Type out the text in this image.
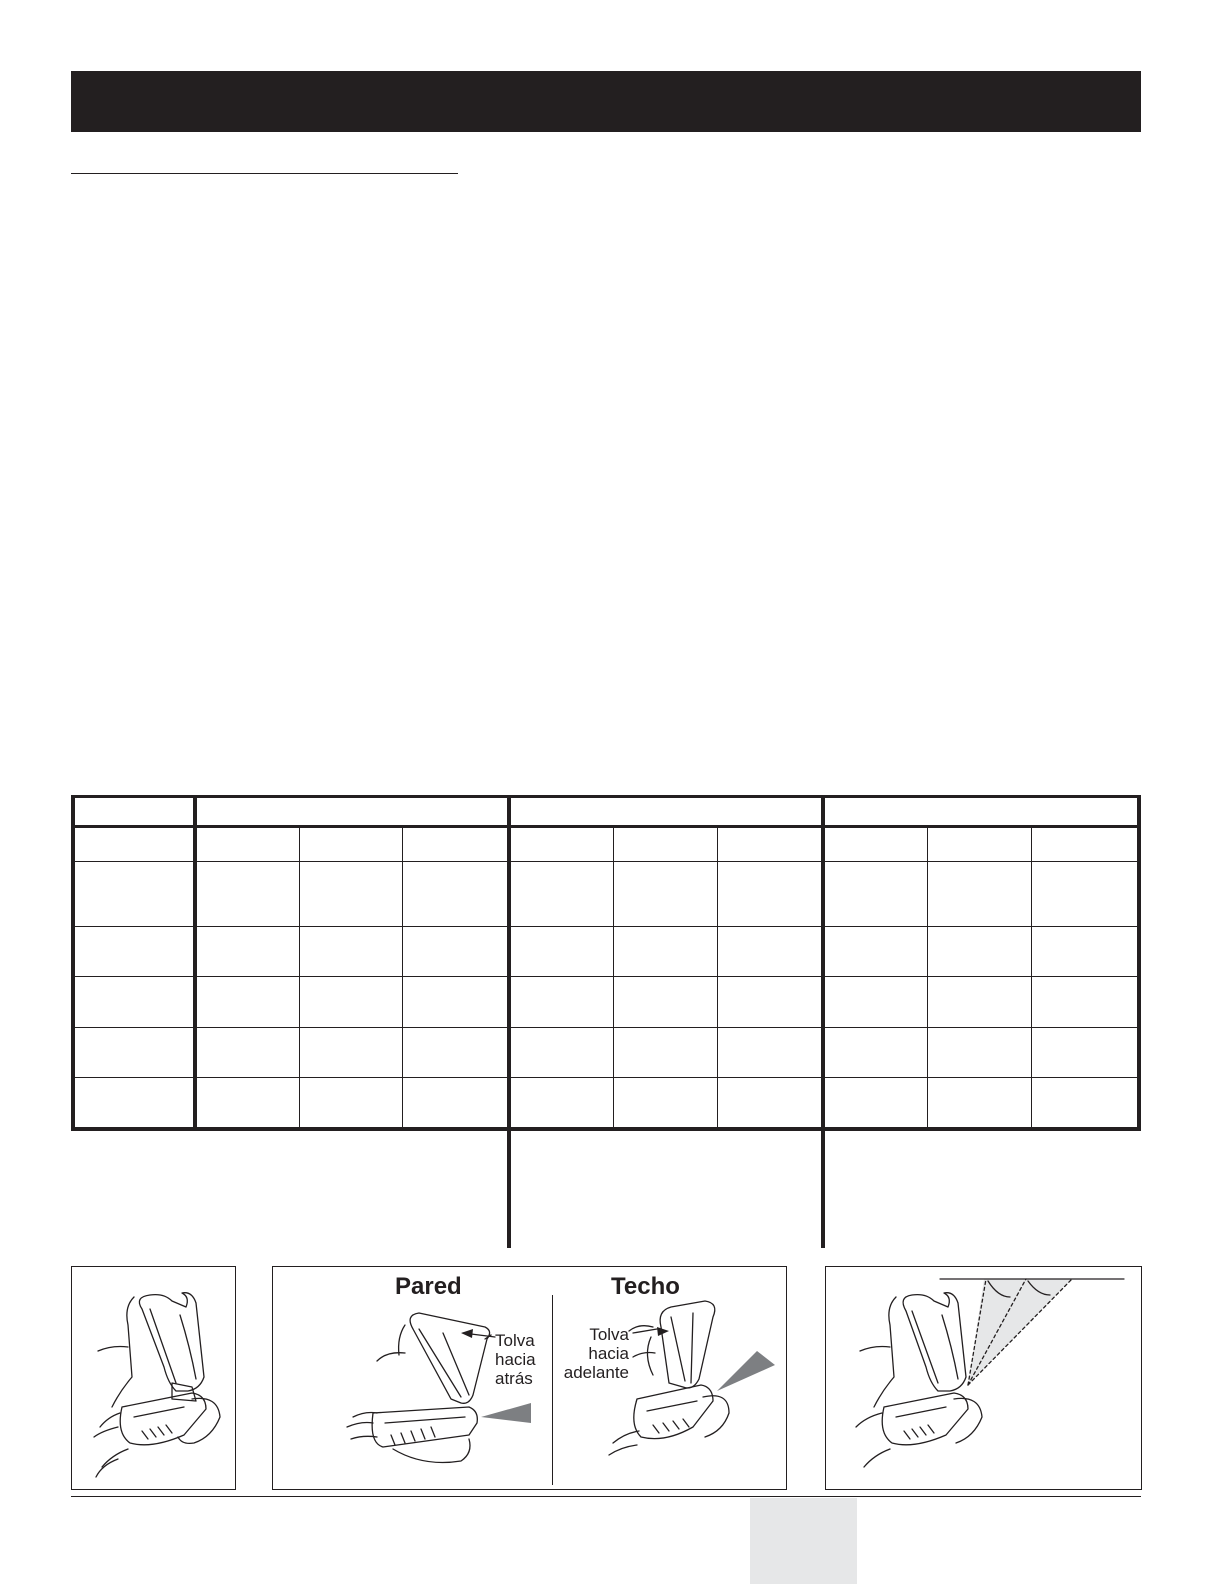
Pared	Techo
Tolva
hacia
atrás
Tolva
hacia
adelante
